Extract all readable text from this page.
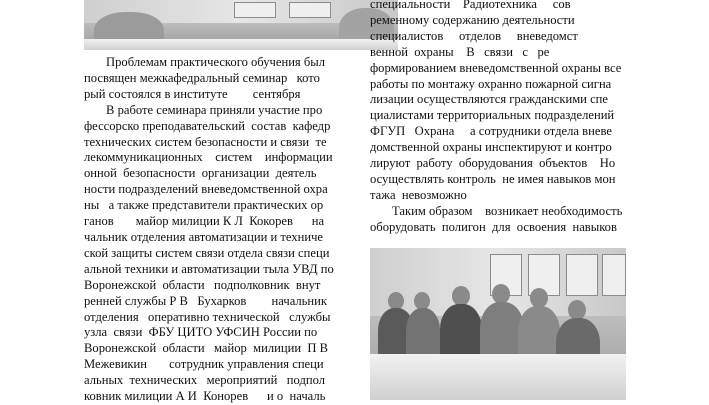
Проблемам практического обучения был

посвящен межкафедральный семинар   кото

рый состоялся в институте        сентября

В работе семинара приняли участие про

фессорско преподавательский  состав  кафедр

технических систем безопасности и связи  те

лекоммуникационных    систем    информации

онной  безопасности  организации  деятель

ности подразделений вневедомственной охра

ны   а также представители практических ор

ганов       майор милиции К Л  Кокорев      на

чальник отделения автоматизации и техниче

ской защиты систем связи отдела связи специ

альной техники и автоматизации тыла УВД по

Воронежской  области   подполковник  внут

ренней службы Р В   Бухарков        начальник

отделения   оперативно технической   службы

узла  связи  ФБУ ЦИТО УФСИН России по

Воронежской  области   майор  милиции  П В

Межевикин       сотрудник управления специ

альных  технических   мероприятий   подпол

ковник милиции А И  Конорев      и о  началь

специальности    Радиотехника     сов

ременному содержанию деятельности

специалистов     отделов     вневедомст

венной  охраны    В   связи   с   ре

формированием вневедомственной охраны все

работы по монтажу охранно пожарной сигна

лизации осуществляются гражданскими спе

циалистами территориальных подразделений

ФГУП   Охрана     а сотрудники отдела вневе

домственной охраны инспектируют и контро

лируют  работу  оборудования  объектов    Но

осуществлять контроль  не имея навыков мон

тажа  невозможно

Таким образом    возникает необходимость

оборудовать  полигон  для  освоения  навыков
